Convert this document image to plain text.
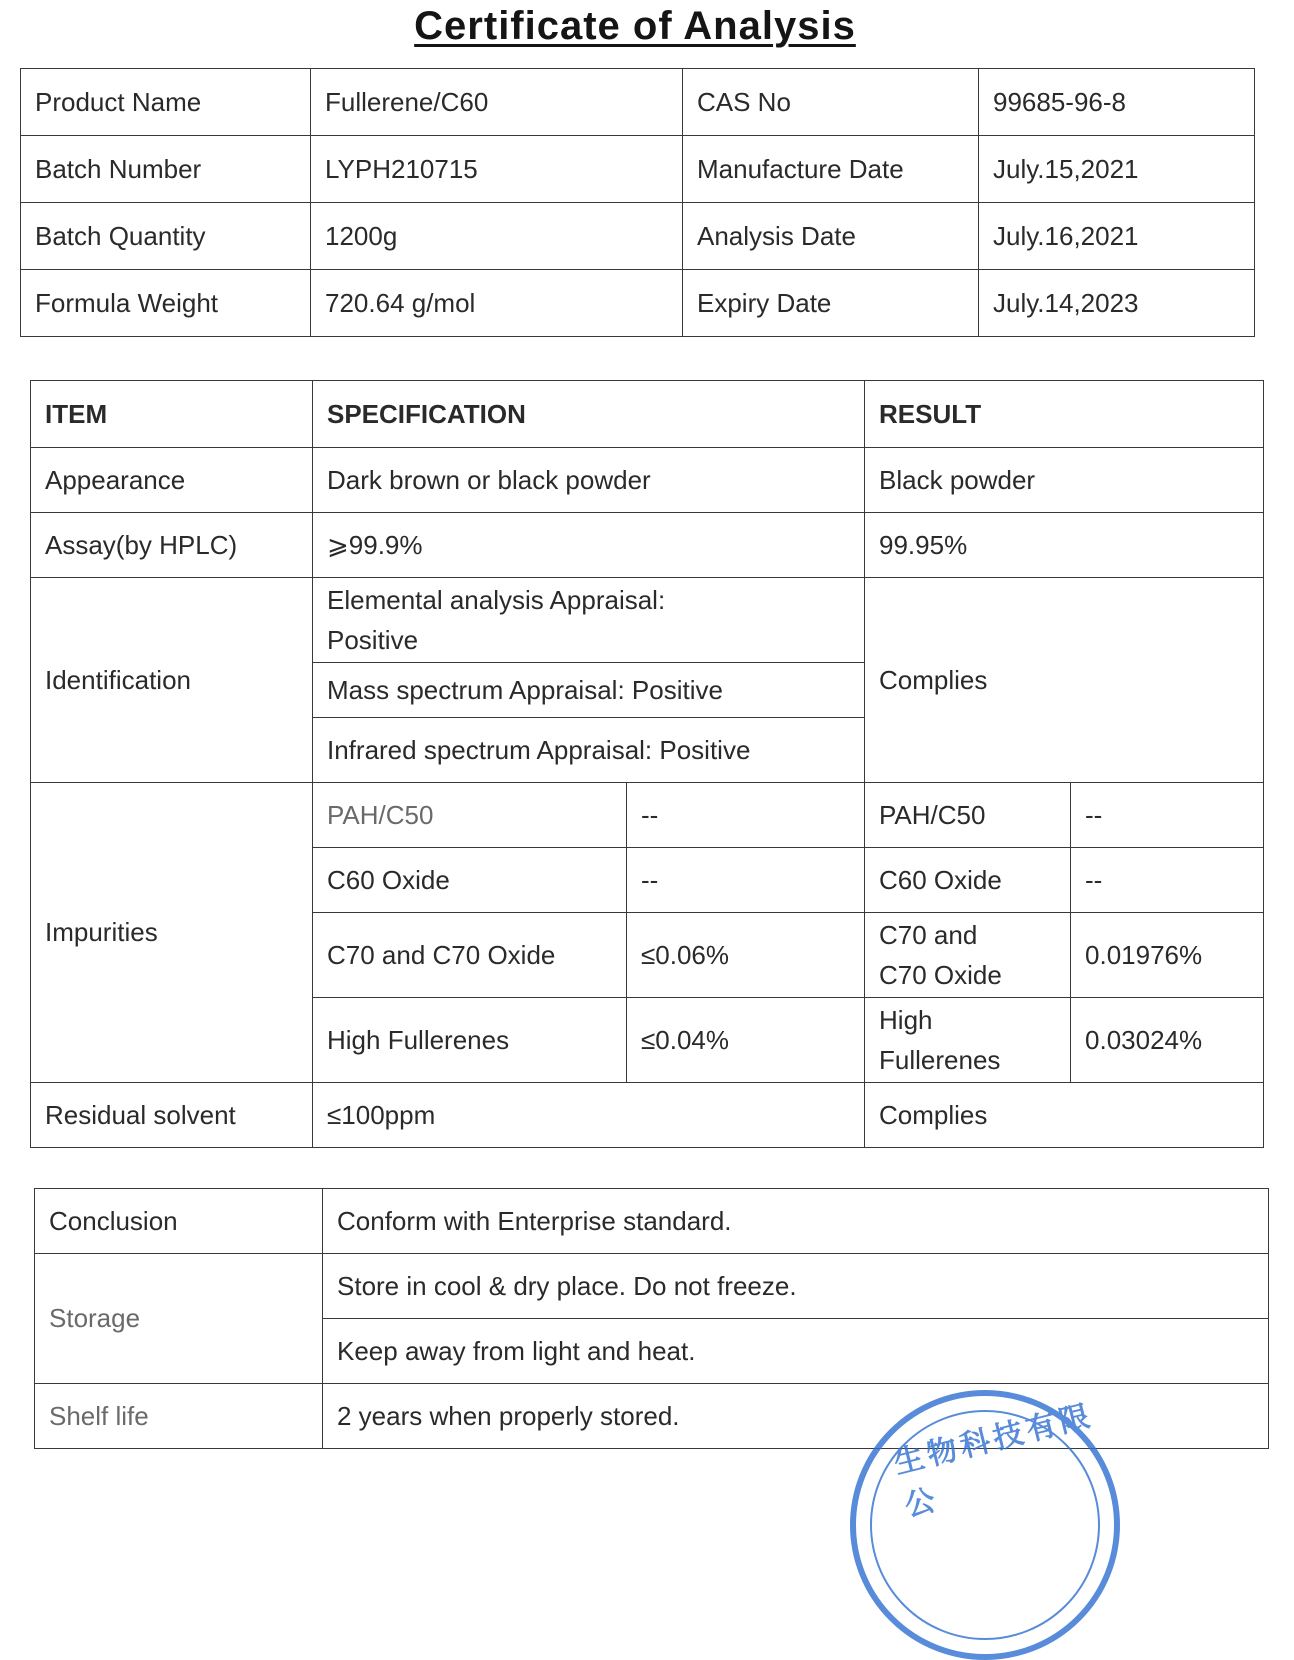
Certificate of Analysis
Product Name	Fullerene/C60	CAS No	99685-96-8
Batch Number	LYPH210715	Manufacture Date	July.15,2021
Batch Quantity	1200g	Analysis Date	July.16,2021
Formula Weight	720.64 g/mol	Expiry Date	July.14,2023
ITEM	SPECIFICATION		RESULT	
Appearance	Dark brown or black powder		Black powder	
Assay(by HPLC)	⩾99.9%		99.95%	
Identification	Elemental analysis Appraisal: Positive		Complies	
	Mass spectrum Appraisal: Positive			
	Infrared spectrum Appraisal: Positive			
Impurities	PAH/C50	--	PAH/C50	--
	C60 Oxide	--	C60 Oxide	--
	C70 and C70 Oxide	≤0.06%	C70 and C70 Oxide	0.01976%
	High Fullerenes	≤0.04%	High Fullerenes	0.03024%
Residual solvent	≤100ppm		Complies	
Conclusion	Conform with Enterprise standard.
Storage	Store in cool & dry place. Do not freeze.
	Keep away from light and heat.
Shelf life	2 years when properly stored.	生物科技有限公
